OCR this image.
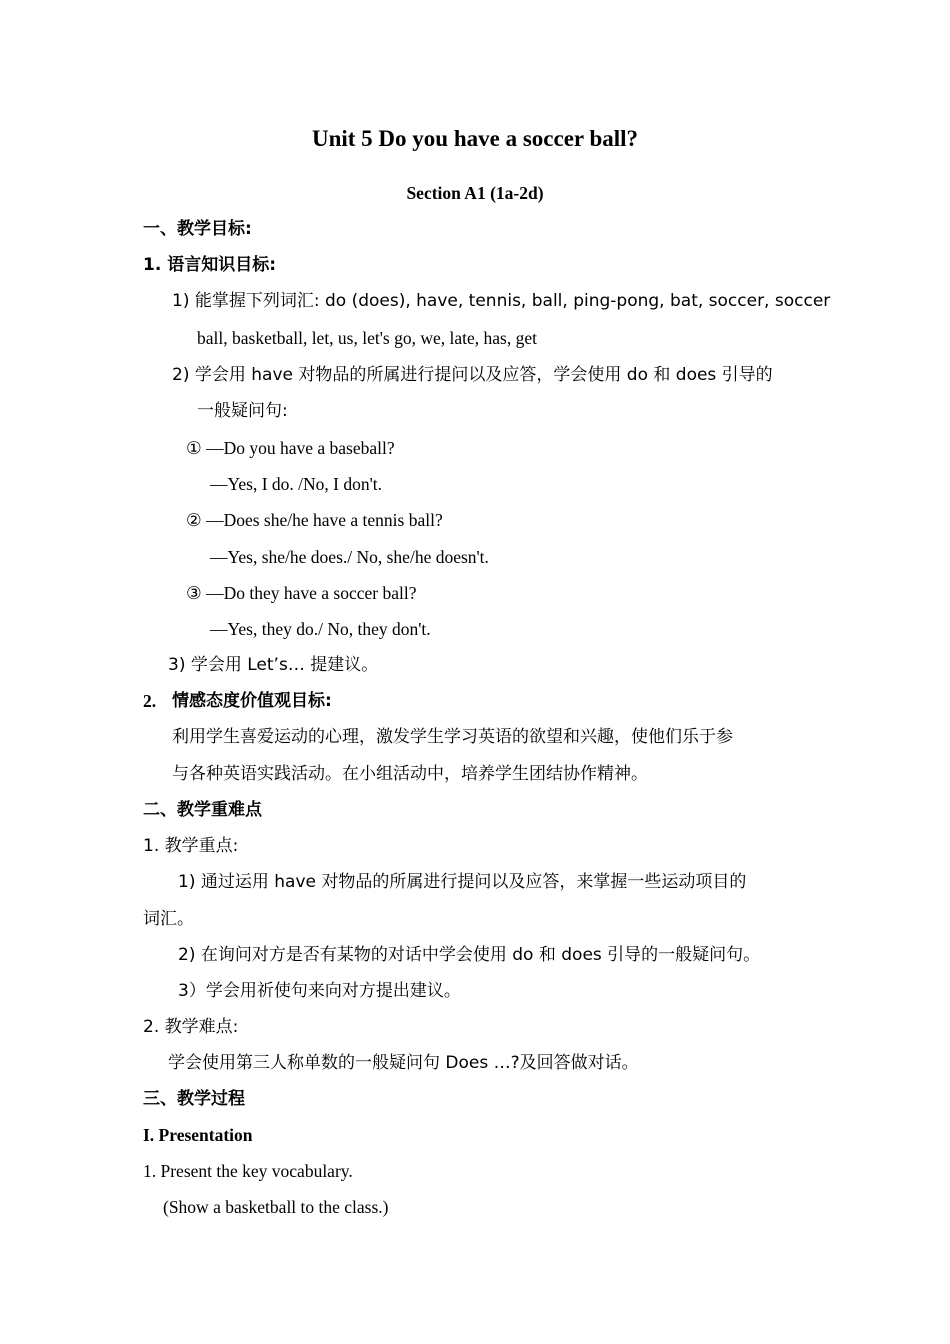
Unit 5 Do you have a soccer ball?
Section A1 (1a-2d)
一、教学目标:
1. 语言知识目标:
1) 能掌握下列词汇: do (does), have, tennis, ball, ping-pong, bat, soccer, soccer
ball, basketball, let, us, let's go, we, late, has, get
2) 学会用 have 对物品的所属进行提问以及应答，学会使用 do 和 does 引导的
一般疑问句:
① —Do you have a baseball?
—Yes, I do. /No, I don't.
② —Does she/he have a tennis ball?
—Yes, she/he does./ No, she/he doesn't.
③ —Do they have a soccer ball?
—Yes, they do./ No, they don't.
3) 学会用 Let’s… 提建议。
2. 情感态度价值观目标:
利用学生喜爱运动的心理，激发学生学习英语的欲望和兴趣，使他们乐于参
与各种英语实践活动。在小组活动中，培养学生团结协作精神。
二、教学重难点
1. 教学重点:
1) 通过运用 have 对物品的所属进行提问以及应答，来掌握一些运动项目的
词汇。
2) 在询问对方是否有某物的对话中学会使用 do 和 does 引导的一般疑问句。
3）学会用祈使句来向对方提出建议。
2. 教学难点:
学会使用第三人称单数的一般疑问句 Does …?及回答做对话。
三、教学过程
I. Presentation
1. Present the key vocabulary.
(Show a basketball to the class.)
